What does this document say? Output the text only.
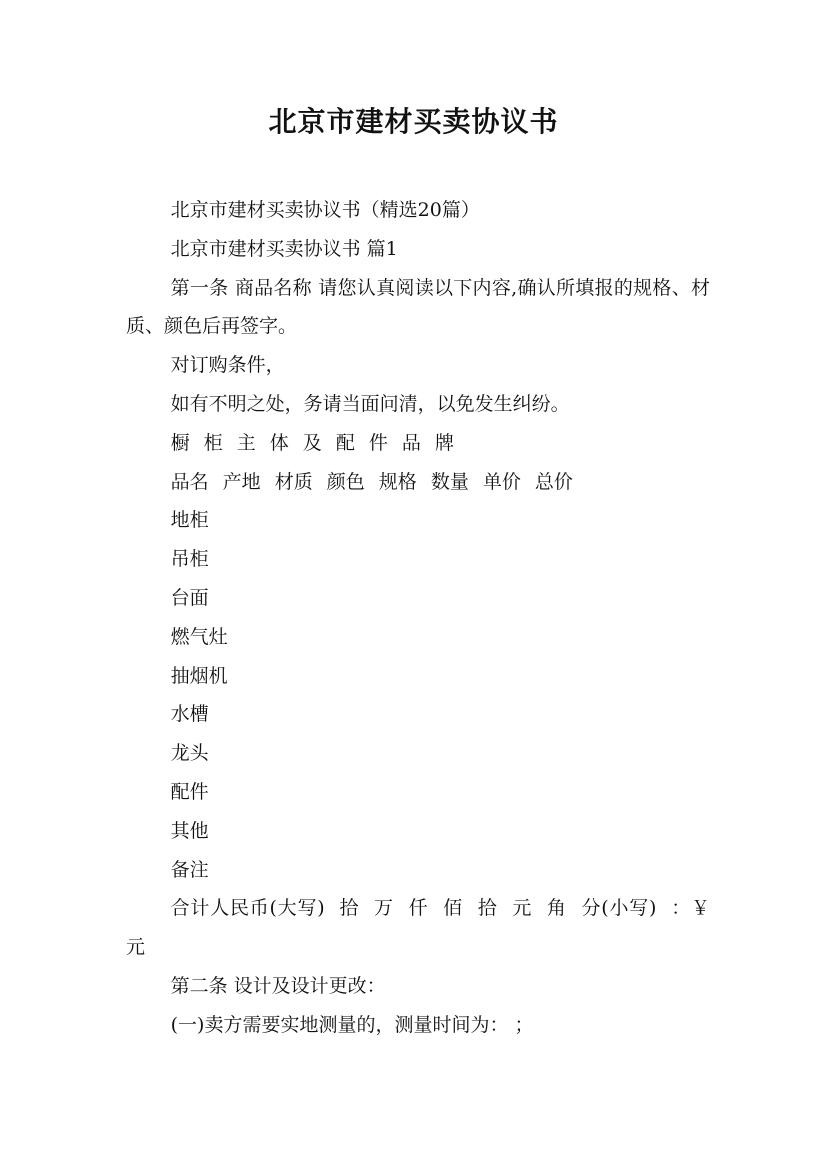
北京市建材买卖协议书

北京市建材买卖协议书（精选20篇）

北京市建材买卖协议书 篇1

第一条 商品名称 请您认真阅读以下内容,确认所填报的规格、材质、颜色后再签字。

对订购条件，

如有不明之处，务请当面问清，以免发生纠纷。

橱 柜 主 体 及 配 件 品 牌

品名 产地 材质 颜色 规格 数量 单价 总价

地柜

吊柜

台面

燃气灶

抽烟机

水槽

龙头

配件

其他

备注

合计人民币(大写) 拾 万 仟 佰 拾 元 角 分(小写) ：￥ 元

第二条 设计及设计更改：

(一)卖方需要实地测量的，测量时间为： ；
